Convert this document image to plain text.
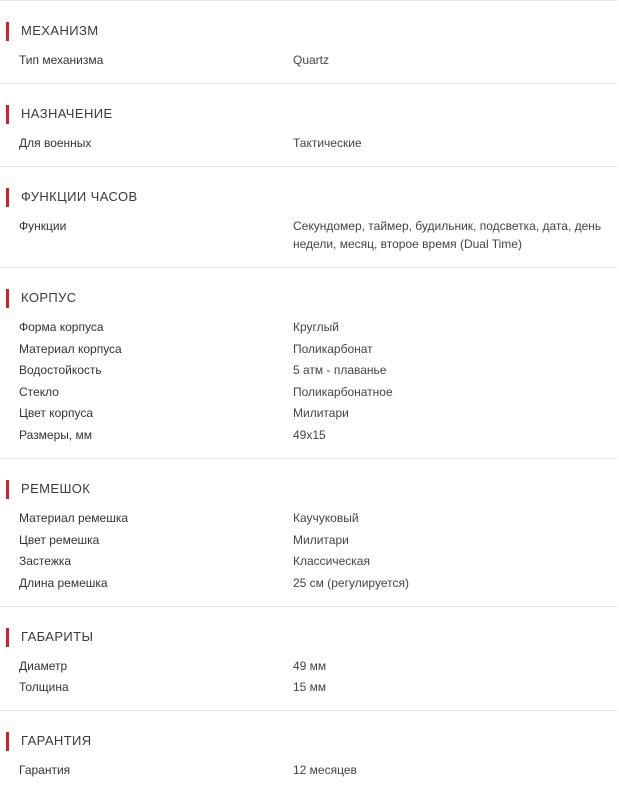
МЕХАНИЗМ
Тип механизма	Quartz
НАЗНАЧЕНИЕ
Для военных	Тактические
ФУНКЦИИ ЧАСОВ
Функции	Секундомер, таймер, будильник, подсветка, дата, день недели, месяц, второе время (Dual Time)
КОРПУС
Форма корпуса	Круглый
Материал корпуса	Поликарбонат
Водостойкость	5 атм - плаванье
Стекло	Поликарбонатное
Цвет корпуса	Милитари
Размеры, мм	49x15
РЕМЕШОК
Материал ремешка	Каучуковый
Цвет ремешка	Милитари
Застежка	Классическая
Длина ремешка	25 см (регулируется)
ГАБАРИТЫ
Диаметр	49 мм
Толщина	15 мм
ГАРАНТИЯ
Гарантия	12 месяцев
